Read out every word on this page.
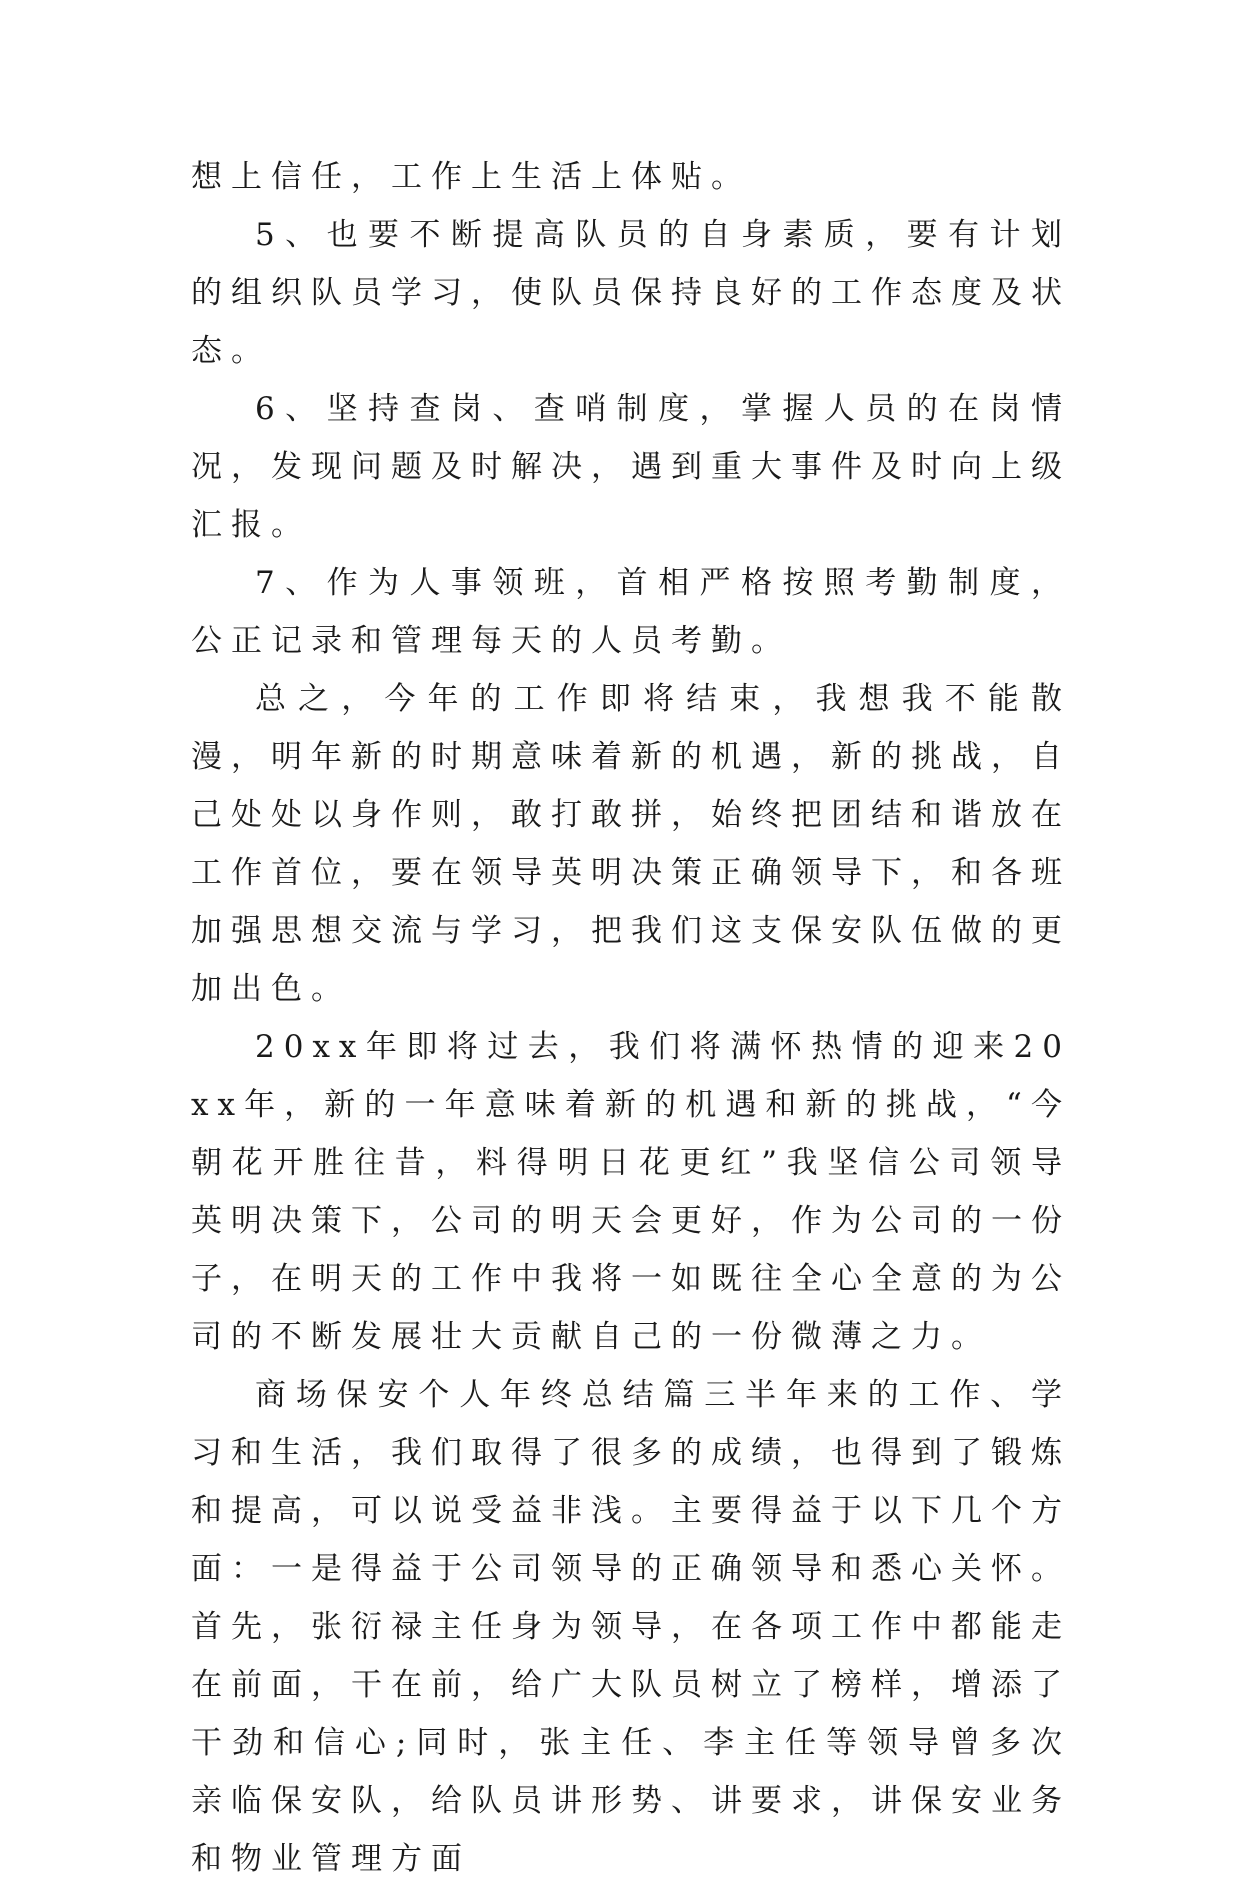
想上信任，工作上生活上体贴。

5、也要不断提高队员的自身素质，要有计划的组织队员学习，使队员保持良好的工作态度及状态。

6、坚持查岗、查哨制度，掌握人员的在岗情况，发现问题及时解决，遇到重大事件及时向上级汇报。

7、作为人事领班，首相严格按照考勤制度，公正记录和管理每天的人员考勤。

总之，今年的工作即将结束，我想我不能散漫，明年新的时期意味着新的机遇，新的挑战，自己处处以身作则，敢打敢拼，始终把团结和谐放在工作首位，要在领导英明决策正确领导下，和各班加强思想交流与学习，把我们这支保安队伍做的更加出色。

20xx年即将过去，我们将满怀热情的迎来20xx年，新的一年意味着新的机遇和新的挑战，“今朝花开胜往昔，料得明日花更红”我坚信公司领导英明决策下，公司的明天会更好，作为公司的一份子，在明天的工作中我将一如既往全心全意的为公司的不断发展壮大贡献自己的一份微薄之力。

商场保安个人年终总结篇三半年来的工作、学习和生活，我们取得了很多的成绩，也得到了锻炼和提高，可以说受益非浅。主要得益于以下几个方面：一是得益于公司领导的正确领导和悉心关怀。首先，张衍禄主任身为领导，在各项工作中都能走在前面，干在前，给广大队员树立了榜样，增添了干劲和信心;同时，张主任、李主任等领导曾多次亲临保安队，给队员讲形势、讲要求，讲保安业务和物业管理方面
